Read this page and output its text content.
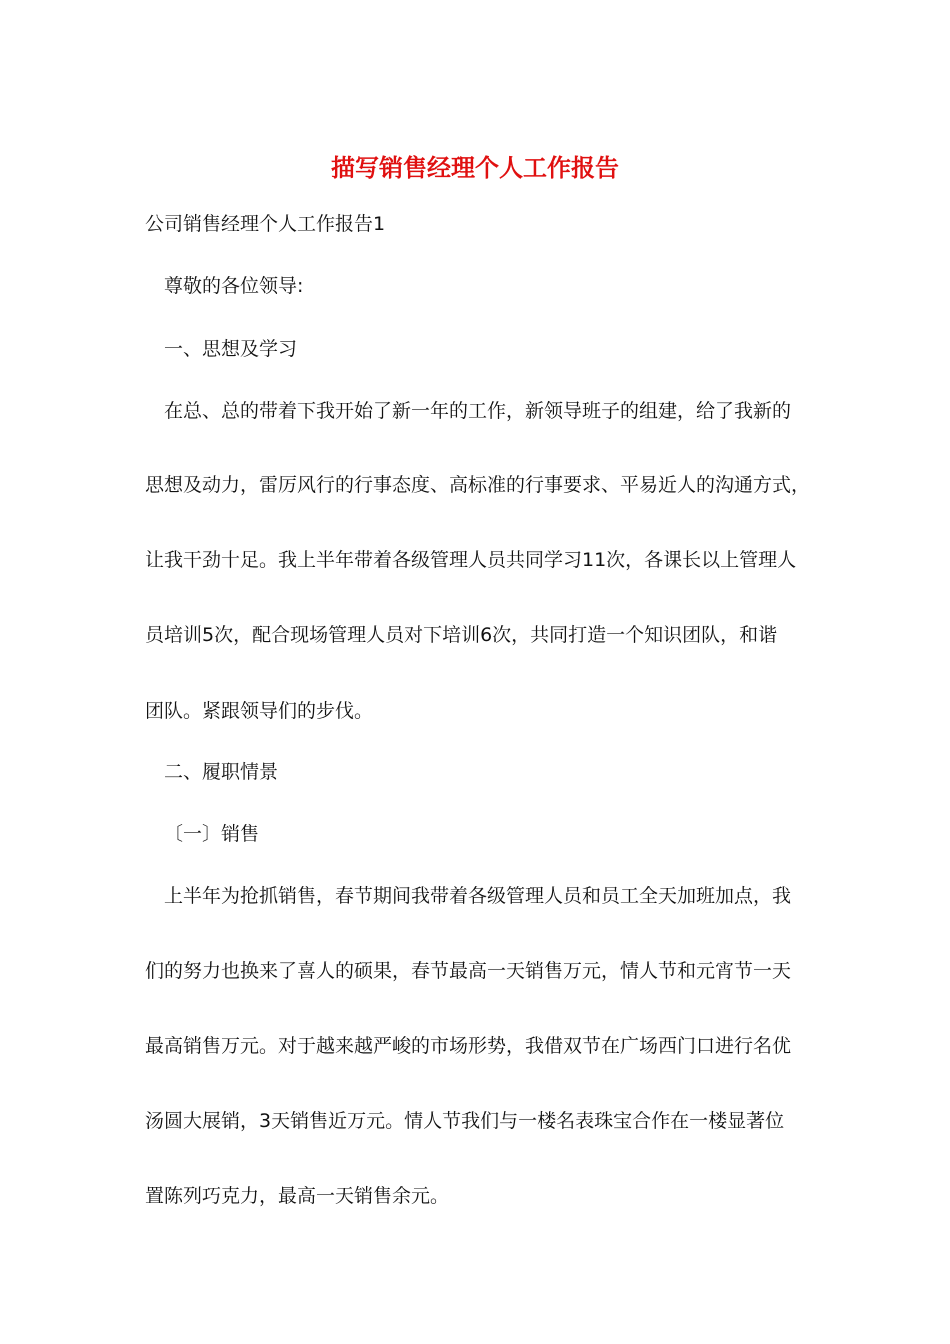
描写销售经理个人工作报告

公司销售经理个人工作报告1

尊敬的各位领导:

一、思想及学习

在总、总的带着下我开始了新一年的工作，新领导班子的组建，给了我新的

思想及动力，雷厉风行的行事态度、高标准的行事要求、平易近人的沟通方式，

让我干劲十足。我上半年带着各级管理人员共同学习11次，各课长以上管理人

员培训5次，配合现场管理人员对下培训6次，共同打造一个知识团队，和谐

团队。紧跟领导们的步伐。

二、履职情景

〔一〕销售

上半年为抢抓销售，春节期间我带着各级管理人员和员工全天加班加点，我

们的努力也换来了喜人的硕果，春节最高一天销售万元，情人节和元宵节一天

最高销售万元。对于越来越严峻的市场形势，我借双节在广场西门口进行名优

汤圆大展销，3天销售近万元。情人节我们与一楼名表珠宝合作在一楼显著位

置陈列巧克力，最高一天销售余元。
